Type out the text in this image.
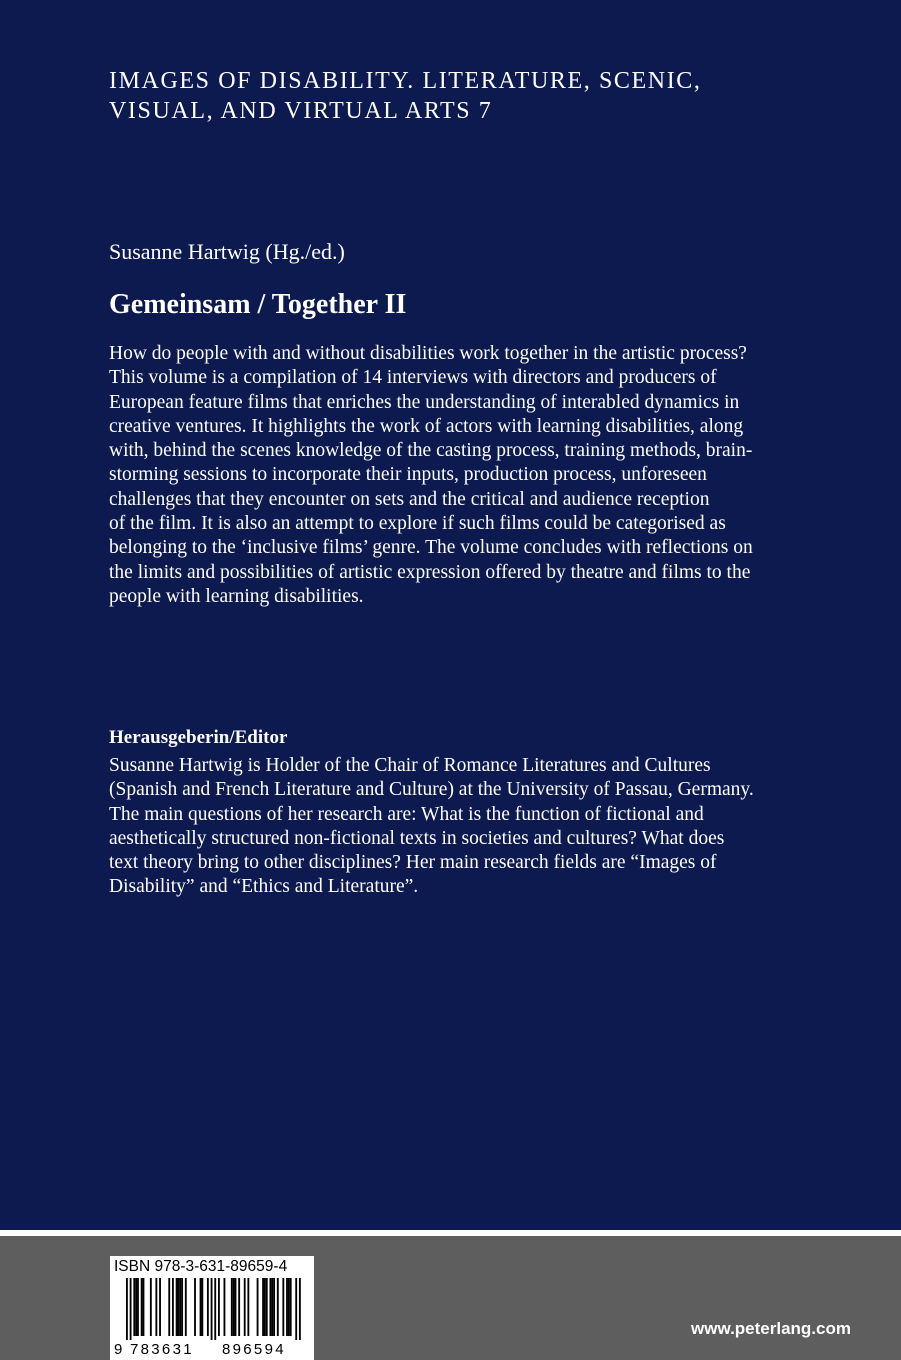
IMAGES OF DISABILITY. LITERATURE, SCENIC,
VISUAL, AND VIRTUAL ARTS 7
Susanne Hartwig (Hg./ed.)
Gemeinsam / Together II
How do people with and without disabilities work together in the artistic process?
This volume is a compilation of 14 interviews with directors and producers of
European feature films that enriches the understanding of interabled dynamics in
creative ventures. It highlights the work of actors with learning disabilities, along
with, behind the scenes knowledge of the casting process, training methods, brain-
storming sessions to incorporate their inputs, production process, unforeseen
challenges that they encounter on sets and the critical and audience reception
of the film. It is also an attempt to explore if such films could be categorised as
belonging to the ‘inclusive films’ genre. The volume concludes with reflections on
the limits and possibilities of artistic expression offered by theatre and films to the
people with learning disabilities.
Herausgeberin/Editor
Susanne Hartwig is Holder of the Chair of Romance Literatures and Cultures
(Spanish and French Literature and Culture) at the University of Passau, Germany.
The main questions of her research are: What is the function of fictional and
aesthetically structured non-fictional texts in societies and cultures? What does
text theory bring to other disciplines? Her main research fields are “Images of
Disability” and “Ethics and Literature”.
ISBN 978-3-631-89659-4
9 783631 896594
www.peterlang.com
